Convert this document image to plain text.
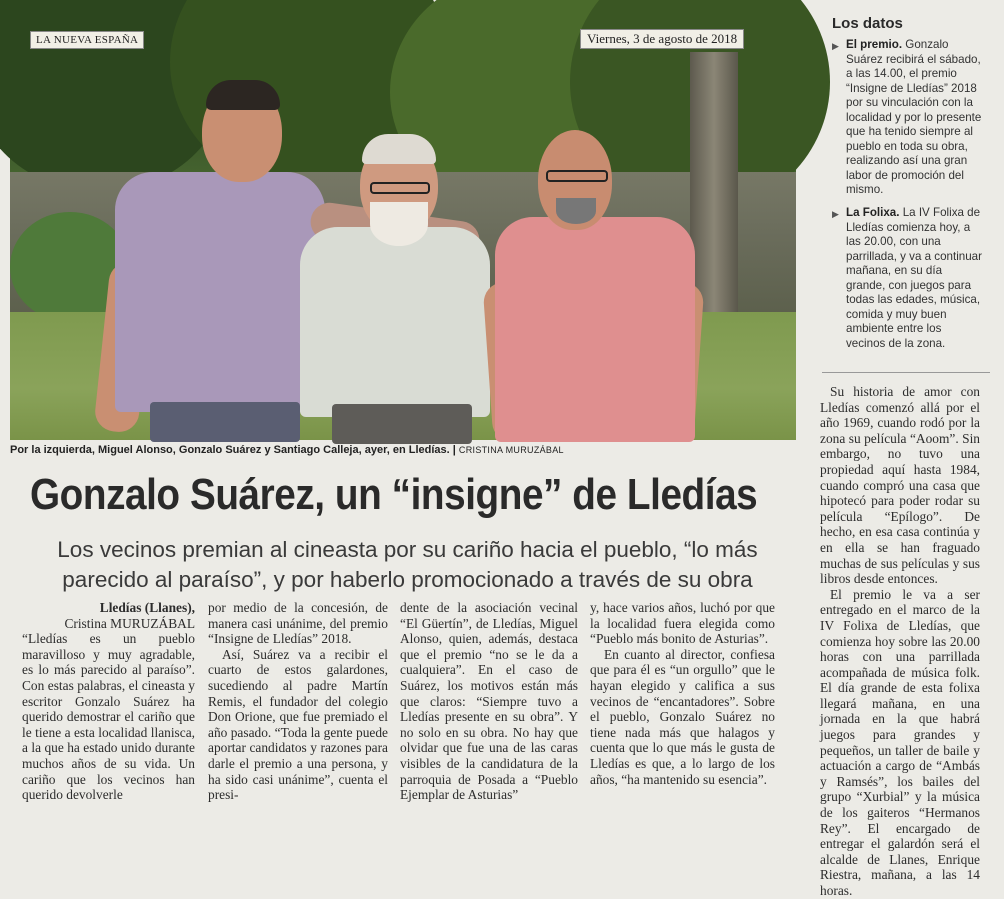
LA NUEVA ESPAÑA	Viernes, 3 de agosto de 2018
Por la izquierda, Miguel Alonso, Gonzalo Suárez y Santiago Calleja, ayer, en Lledías. | CRISTINA MURUZÁBAL
Gonzalo Suárez, un “insigne” de Lledías
Los vecinos premian al cineasta por su cariño hacia el pueblo, “lo más parecido al paraíso”, y por haberlo promocionado a través de su obra
Lledías (Llanes),
Cristina MURUZÁBAL

“Lledías es un pueblo maravilloso y muy agradable, es lo más parecido al paraíso”. Con estas palabras, el cineasta y escritor Gonzalo Suárez ha querido demostrar el cariño que le tiene a esta localidad llanisca, a la que ha estado unido durante muchos años de su vida. Un cariño que los vecinos han querido devolverle

por medio de la concesión, de manera casi unánime, del premio “Insigne de Lledías” 2018.

Así, Suárez va a recibir el cuarto de estos galardones, sucediendo al padre Martín Remis, el fundador del colegio Don Orione, que fue premiado el año pasado. “Toda la gente puede aportar candidatos y razones para darle el premio a una persona, y ha sido casi unánime”, cuenta el presi-

dente de la asociación vecinal “El Güertín”, de Lledías, Miguel Alonso, quien, además, destaca que el premio “no se le da a cualquiera”. En el caso de Suárez, los motivos están más que claros: “Siempre tuvo a Lledías presente en su obra”. Y no solo en su obra. No hay que olvidar que fue una de las caras visibles de la candidatura de la parroquia de Posada a “Pueblo Ejemplar de Asturias”

y, hace varios años, luchó por que la localidad fuera elegida como “Pueblo más bonito de Asturias”.

En cuanto al director, confiesa que para él es “un orgullo” que le hayan elegido y califica a sus vecinos de “encantadores”. Sobre el pueblo, Gonzalo Suárez no tiene nada más que halagos y cuenta que lo que más le gusta de Lledías es que, a lo largo de los años, “ha mantenido su esencia”.

Los datos
▶ El premio. Gonzalo Suárez recibirá el sábado, a las 14.00, el premio “Insigne de Lledías” 2018 por su vinculación con la localidad y por lo presente que ha tenido siempre al pueblo en toda su obra, realizando así una gran labor de promoción del mismo.
▶ La Folixa. La IV Folixa de Lledías comienza hoy, a las 20.00, con una parrillada, y va a continuar mañana, en su día grande, con juegos para todas las edades, música, comida y muy buen ambiente entre los vecinos de la zona.

Su historia de amor con Lledías comenzó allá por el año 1969, cuando rodó por la zona su película “Aoom”. Sin embargo, no tuvo una propiedad aquí hasta 1984, cuando compró una casa que hipotecó para poder rodar su película “Epílogo”. De hecho, en esa casa continúa y en ella se han fraguado muchas de sus películas y sus libros desde entonces.

El premio le va a ser entregado en el marco de la IV Folixa de Lledías, que comienza hoy sobre las 20.00 horas con una parrillada acompañada de música folk. El día grande de esta folixa llegará mañana, en una jornada en la que habrá juegos para grandes y pequeños, un taller de baile y actuación a cargo de “Ambás y Ramsés”, los bailes del grupo “Xurbial” y la música de los gaiteros “Hermanos Rey”. El encargado de entregar el galardón será el alcalde de Llanes, Enrique Riestra, mañana, a las 14 horas.
